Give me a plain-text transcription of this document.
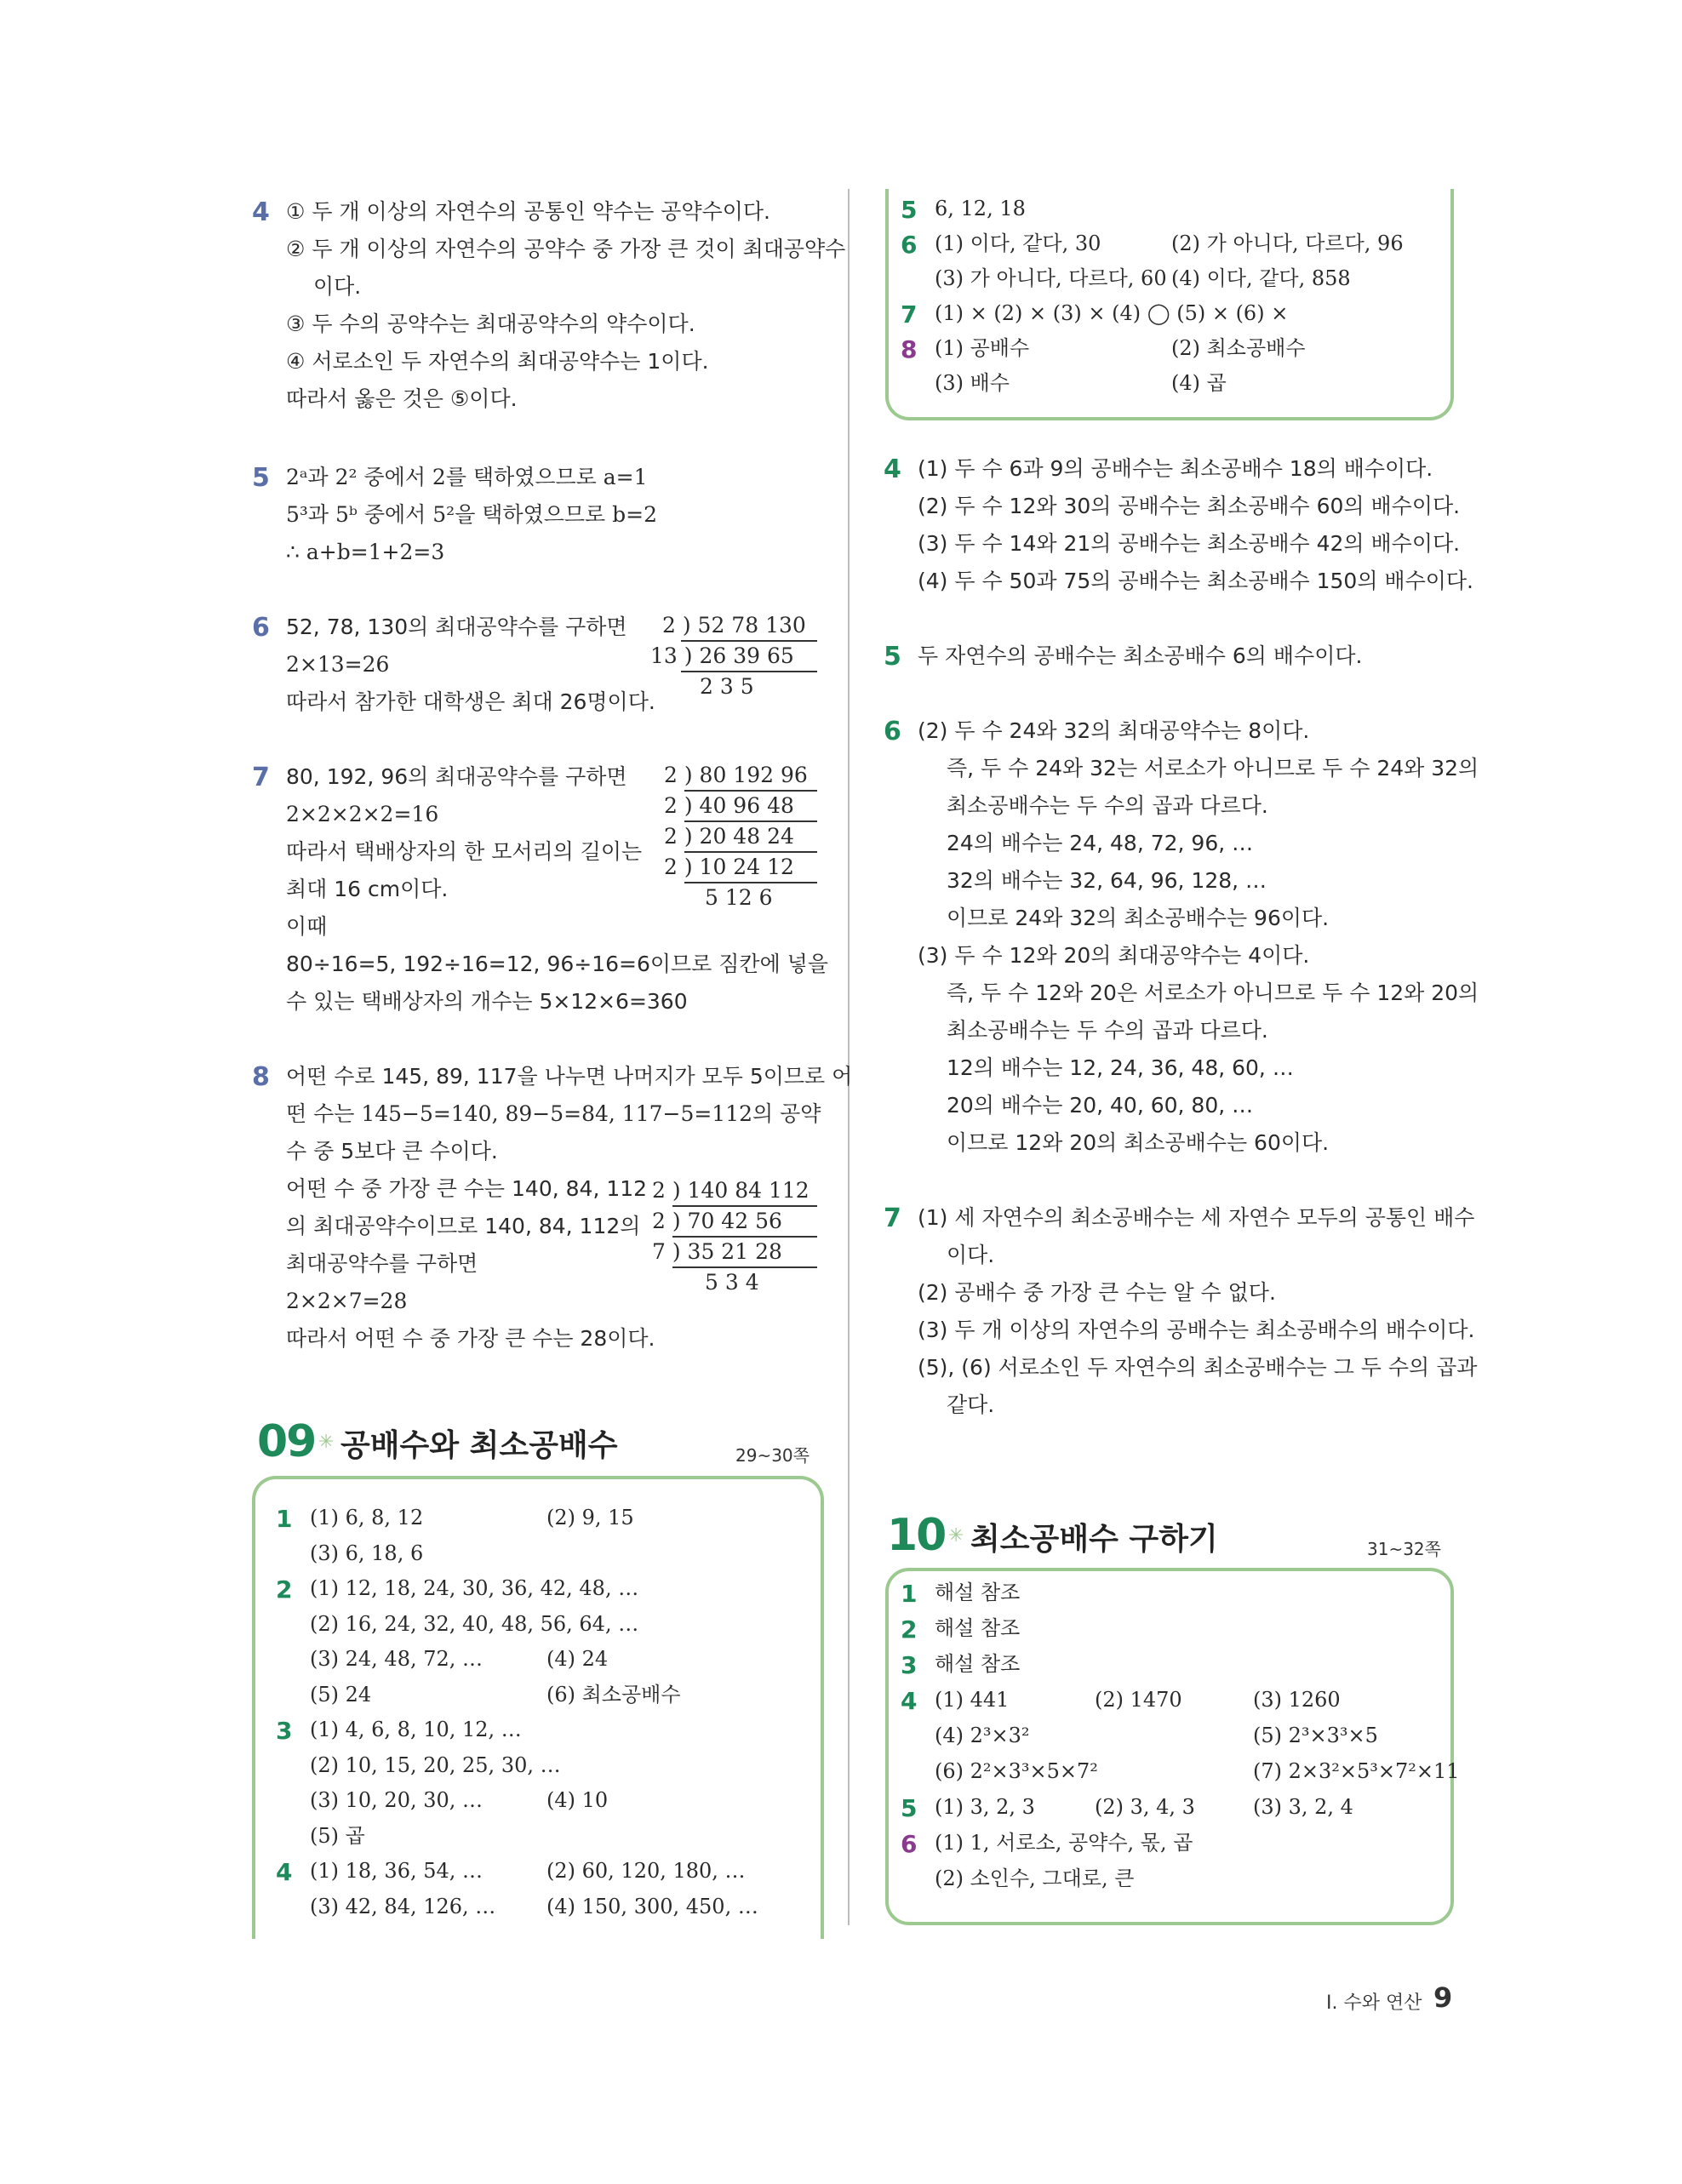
4 ① 두 개 이상의 자연수의 공통인 약수는 공약수이다.
② 두 개 이상의 자연수의 공약수 중 가장 큰 것이 최대공약수
이다.
③ 두 수의 공약수는 최대공약수의 약수이다.
④ 서로소인 두 자연수의 최대공약수는 1이다.
따라서 옳은 것은 ⑤이다.
5 2ᵃ과 2² 중에서 2를 택하였으므로 a=1
5³과 5ᵇ 중에서 5²을 택하였으므로 b=2
∴ a+b=1+2=3
6 52, 78, 130의 최대공약수를 구하면
2×13=26
따라서 참가한 대학생은 최대 26명이다.
2 ) 52 78 130
13 ) 26 39 65
2 3 5
7 80, 192, 96의 최대공약수를 구하면
2×2×2×2=16
따라서 택배상자의 한 모서리의 길이는
최대 16 cm이다.
이때
80÷16=5, 192÷16=12, 96÷16=6이므로 짐칸에 넣을
수 있는 택배상자의 개수는 5×12×6=360
2 ) 80 192 96
2 ) 40 96 48
2 ) 20 48 24
2 ) 10 24 12
5 12 6
8 어떤 수로 145, 89, 117을 나누면 나머지가 모두 5이므로 어
떤 수는 145−5=140, 89−5=84, 117−5=112의 공약
수 중 5보다 큰 수이다.
어떤 수 중 가장 큰 수는 140, 84, 112
의 최대공약수이므로 140, 84, 112의
최대공약수를 구하면
2×2×7=28
따라서 어떤 수 중 가장 큰 수는 28이다.
2 ) 140 84 112
2 ) 70 42 56
7 ) 35 21 28
5 3 4
09 ✳ 공배수와 최소공배수	29~30쪽
4 (1) 두 수 6과 9의 공배수는 최소공배수 18의 배수이다.
(2) 두 수 12와 30의 공배수는 최소공배수 60의 배수이다.
(3) 두 수 14와 21의 공배수는 최소공배수 42의 배수이다.
(4) 두 수 50과 75의 공배수는 최소공배수 150의 배수이다.
5 두 자연수의 공배수는 최소공배수 6의 배수이다.
6 (2) 두 수 24와 32의 최대공약수는 8이다.
즉, 두 수 24와 32는 서로소가 아니므로 두 수 24와 32의
최소공배수는 두 수의 곱과 다르다.
24의 배수는 24, 48, 72, 96, …
32의 배수는 32, 64, 96, 128, …
이므로 24와 32의 최소공배수는 96이다.
(3) 두 수 12와 20의 최대공약수는 4이다.
즉, 두 수 12와 20은 서로소가 아니므로 두 수 12와 20의
최소공배수는 두 수의 곱과 다르다.
12의 배수는 12, 24, 36, 48, 60, …
20의 배수는 20, 40, 60, 80, …
이므로 12와 20의 최소공배수는 60이다.
7 (1) 세 자연수의 최소공배수는 세 자연수 모두의 공통인 배수
이다.
(2) 공배수 중 가장 큰 수는 알 수 없다.
(3) 두 개 이상의 자연수의 공배수는 최소공배수의 배수이다.
(5), (6) 서로소인 두 자연수의 최소공배수는 그 두 수의 곱과
같다.
10 ✳ 최소공배수 구하기	31~32쪽
I. 수와 연산 9
1 (1) 6, 8, 12	(2) 9, 15
(3) 6, 18, 6
2 (1) 12, 18, 24, 30, 36, 42, 48, …
(2) 16, 24, 32, 40, 48, 56, 64, …
(3) 24, 48, 72, …	(4) 24
(5) 24	(6) 최소공배수
3 (1) 4, 6, 8, 10, 12, …
(2) 10, 15, 20, 25, 30, …
(3) 10, 20, 30, …	(4) 10
(5) 곱
4 (1) 18, 36, 54, …	(2) 60, 120, 180, …
(3) 42, 84, 126, … (4) 150, 300, 450, …
5 6, 12, 18
6 (1) 이다, 같다, 30	(2) 가 아니다, 다르다, 96
(3) 가 아니다, 다르다, 60 (4) 이다, 같다, 858
7 (1) × (2) × (3) × (4) ◯ (5) × (6) ×
8 (1) 공배수	(2) 최소공배수
(3) 배수	(4) 곱
1 해설 참조
2 해설 참조
3 해설 참조
4 (1) 441	(2) 1470	(3) 1260
(4) 2³×3²	(5) 2³×3³×5
(6) 2²×3³×5×7²	(7) 2×3²×5³×7²×11
5 (1) 3, 2, 3	(2) 3, 4, 3	(3) 3, 2, 4
6 (1) 1, 서로소, 공약수, 몫, 곱
(2) 소인수, 그대로, 큰
